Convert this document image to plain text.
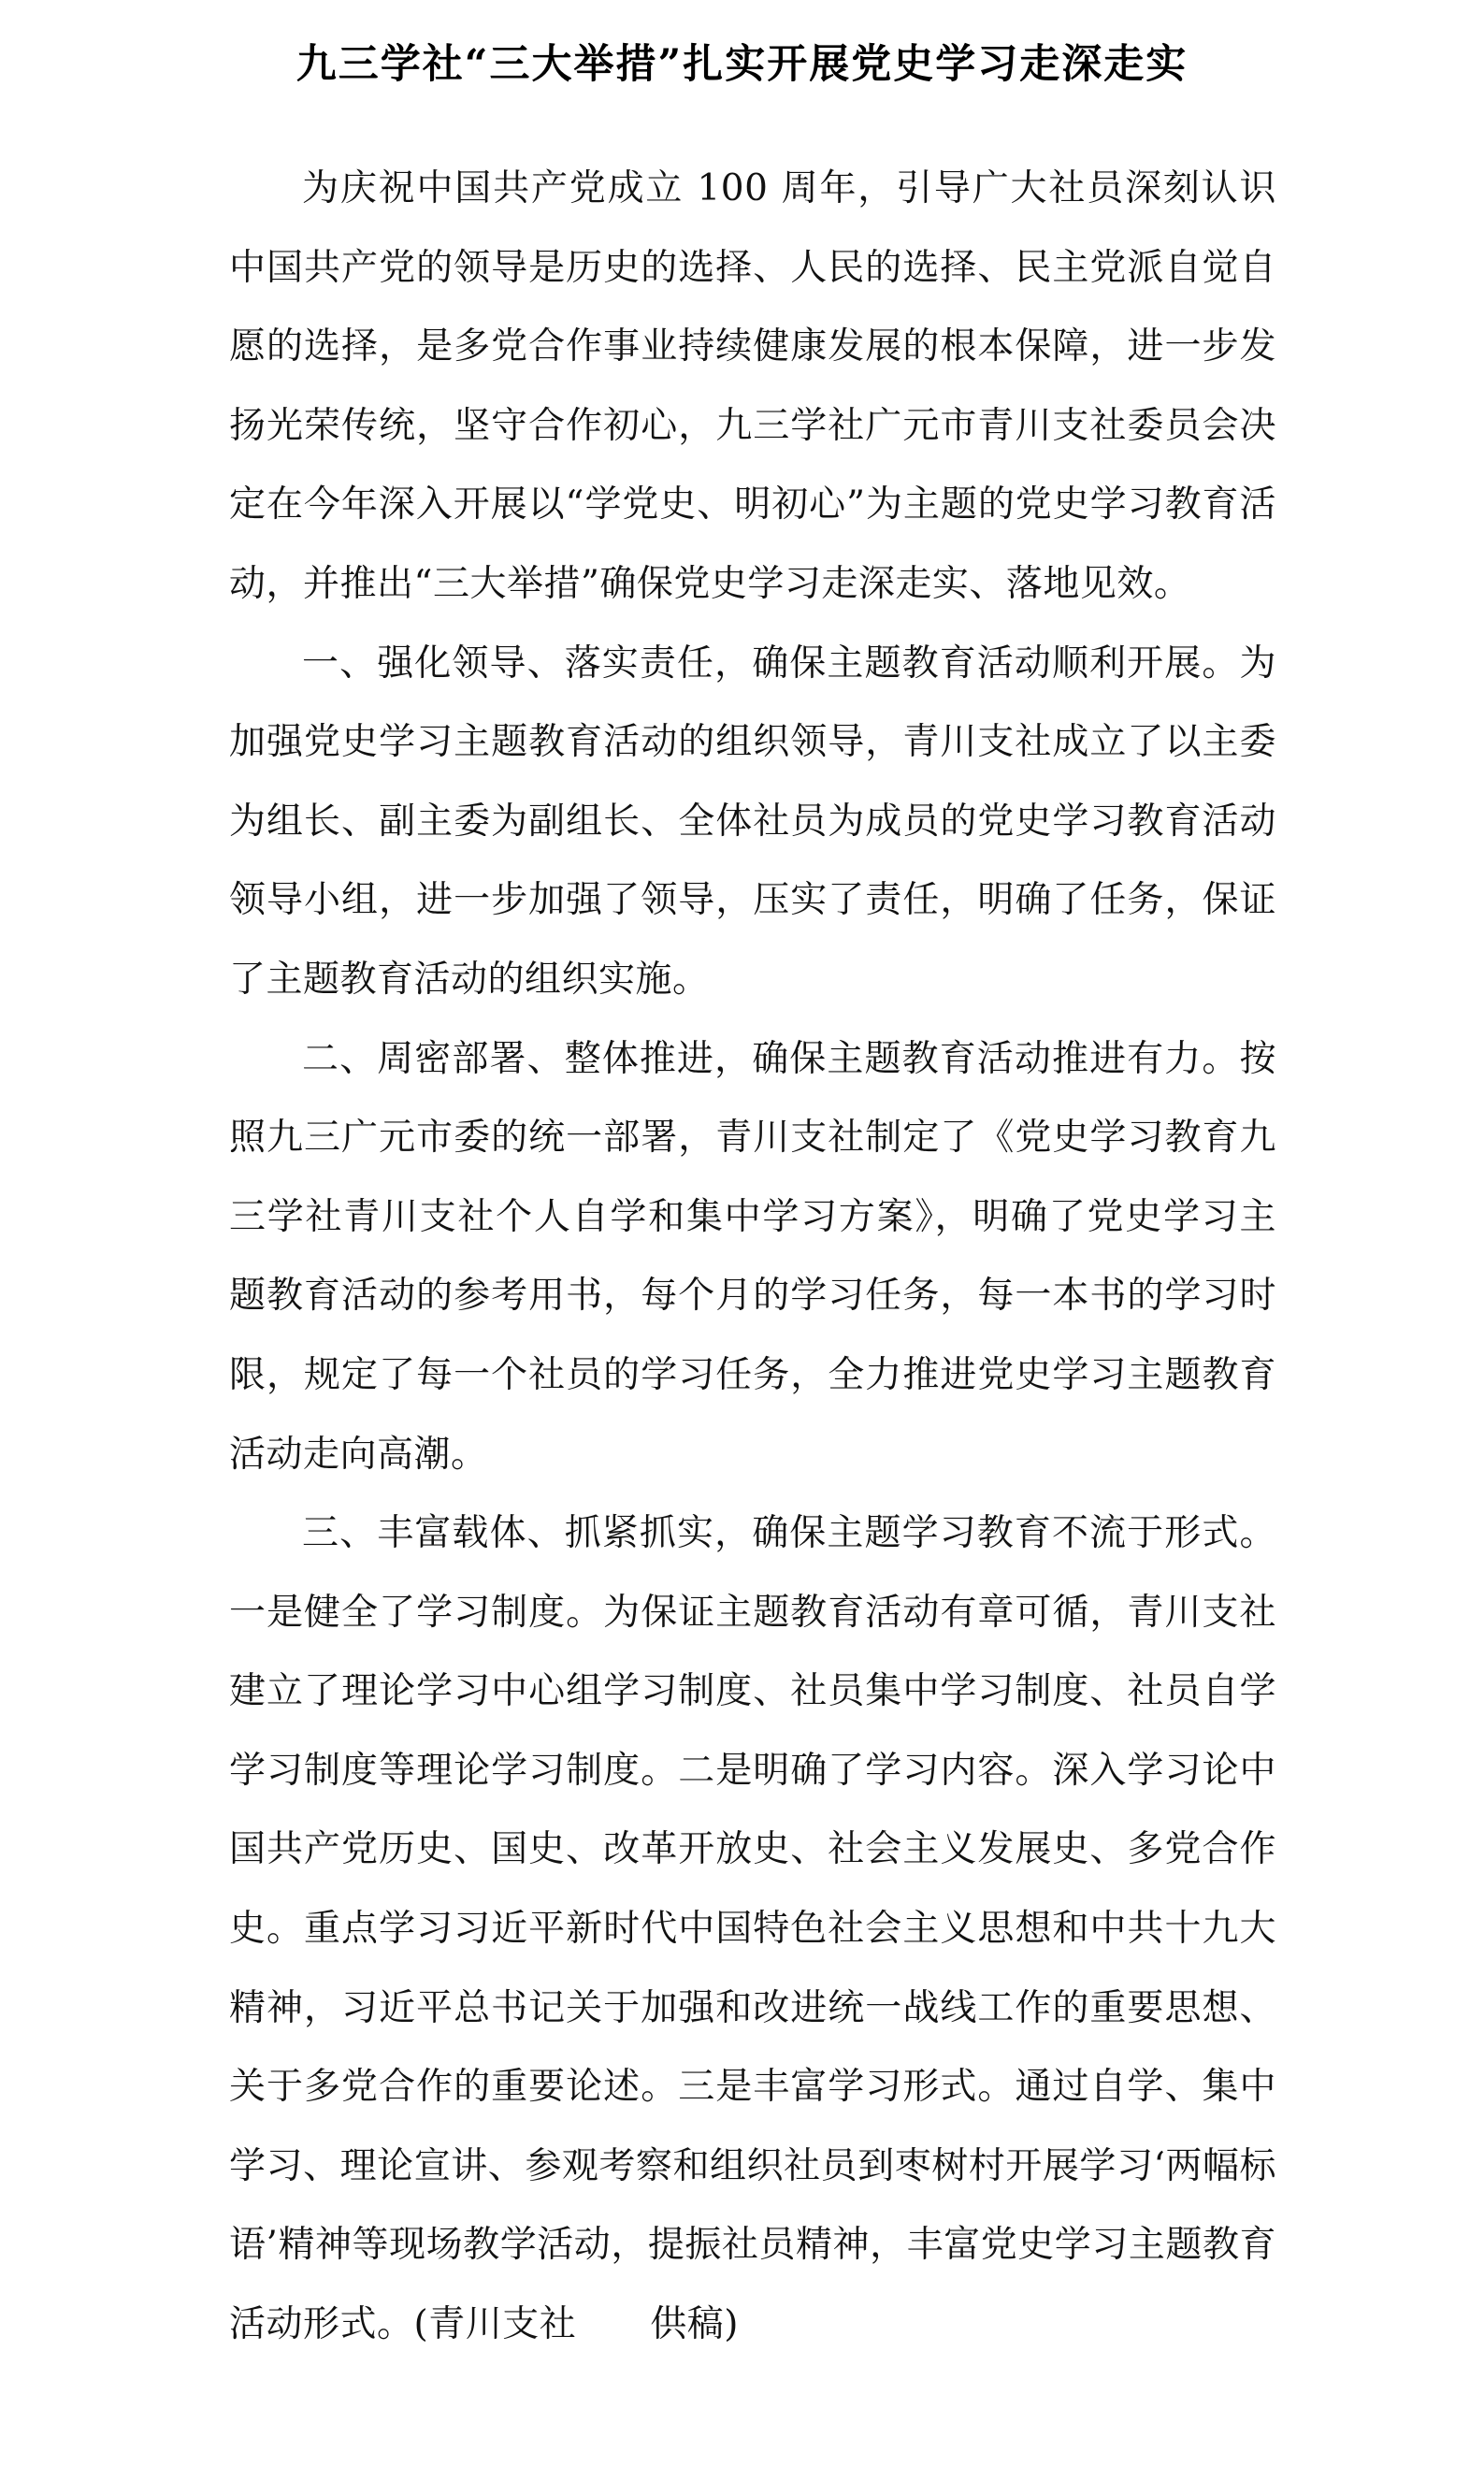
九三学社“三大举措”扎实开展党史学习走深走实

为庆祝中国共产党成立 100 周年，引导广大社员深刻认识中国共产党的领导是历史的选择、人民的选择、民主党派自觉自愿的选择，是多党合作事业持续健康发展的根本保障，进一步发扬光荣传统，坚守合作初心，九三学社广元市青川支社委员会决定在今年深入开展以“学党史、明初心”为主题的党史学习教育活动，并推出“三大举措”确保党史学习走深走实、落地见效。

一、强化领导、落实责任，确保主题教育活动顺利开展。为加强党史学习主题教育活动的组织领导，青川支社成立了以主委为组长、副主委为副组长、全体社员为成员的党史学习教育活动领导小组，进一步加强了领导，压实了责任，明确了任务，保证了主题教育活动的组织实施。

二、周密部署、整体推进，确保主题教育活动推进有力。按照九三广元市委的统一部署，青川支社制定了《党史学习教育九三学社青川支社个人自学和集中学习方案》，明确了党史学习主题教育活动的参考用书，每个月的学习任务，每一本书的学习时限，规定了每一个社员的学习任务，全力推进党史学习主题教育活动走向高潮。

三、丰富载体、抓紧抓实，确保主题学习教育不流于形式。一是健全了学习制度。为保证主题教育活动有章可循，青川支社建立了理论学习中心组学习制度、社员集中学习制度、社员自学学习制度等理论学习制度。二是明确了学习内容。深入学习论中国共产党历史、国史、改革开放史、社会主义发展史、多党合作史。重点学习习近平新时代中国特色社会主义思想和中共十九大精神，习近平总书记关于加强和改进统一战线工作的重要思想、关于多党合作的重要论述。三是丰富学习形式。通过自学、集中学习、理论宣讲、参观考察和组织社员到枣树村开展学习‘两幅标语’精神等现场教学活动，提振社员精神，丰富党史学习主题教育活动形式。(青川支社　　供稿)
